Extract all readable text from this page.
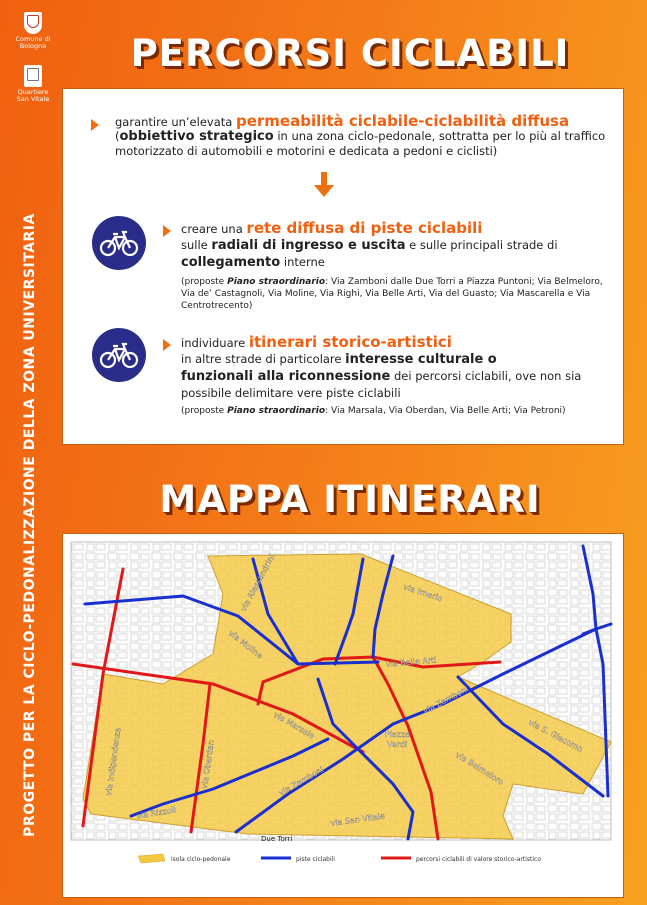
Comune di
Bologna
Quartiere
San Vitale
PROGETTO PER LA CICLO-PEDONALIZZAZIONE DELLA ZONA UNIVERSITARIA
PERCORSI CICLABILI
MAPPA ITINERARI
garantire un’elevata permeabilità ciclabile-ciclabilità diffusa
(obbiettivo strategico in una zona ciclo-pedonale, sottratta per lo più al traffico motorizzato di automobili e motorini e dedicata a pedoni e ciclisti)
creare una rete diffusa di piste ciclabili
sulle radiali di ingresso e uscita e sulle principali strade di
collegamento interne
(proposte Piano straordinario: Via Zamboni dalle Due Torri a Piazza Puntoni; Via Belmeloro, Via de’ Castagnoli, Via Moline, Via Righi, Via Belle Arti, Via del Guasto; Via Mascarella e Via Centrotrecento)
individuare itinerari storico-artistici
in altre strade di particolare interesse culturale o
funzionali alla riconnessione dei percorsi ciclabili, ove non sia possibile delimitare vere piste ciclabili
(proposte Piano straordinario: Via Marsala, Via Oberdan, Via Belle Arti; Via Petroni)
via Alessandrini	via Irnerio
via Moline
via Belle Arti
via Zamboni
via S. Giacomo
via Indipendenza	via Oberdan
via Marsala	Piazza
Verdi
via Belmeloro
via Zamboni
via Rizzoli	via San Vitale
Due Torri
isola ciclo-pedonale	piste ciclabili	percorsi ciclabili di valore storico-artistico
